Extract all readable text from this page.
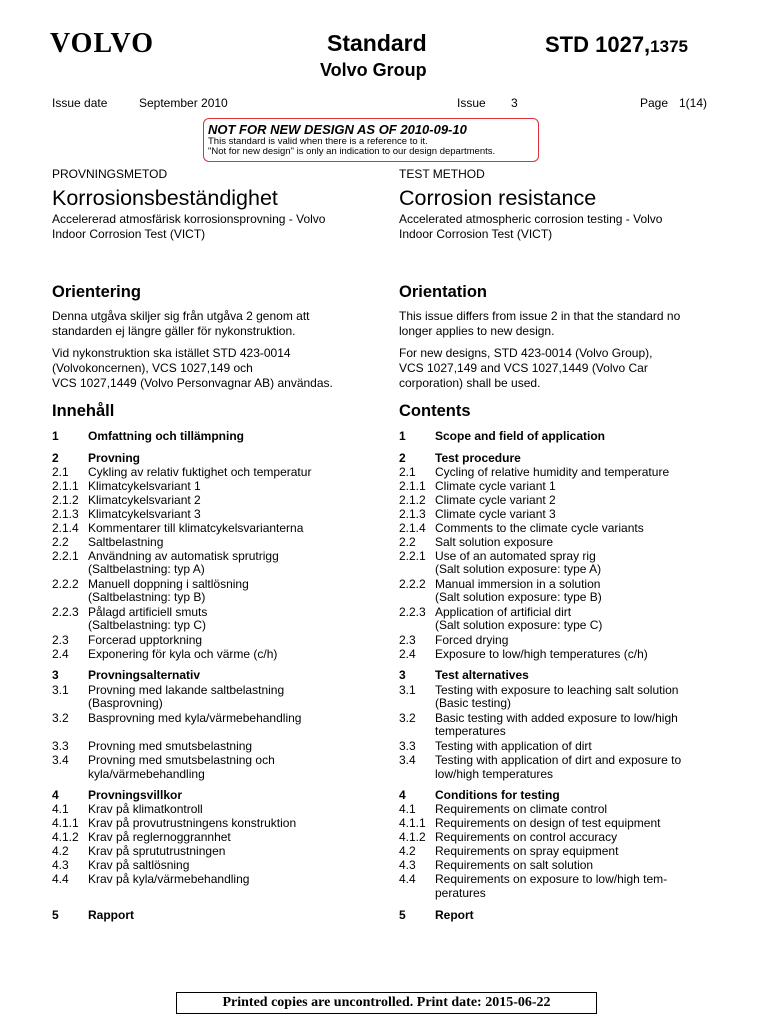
VOLVO	Standard
Volvo Group
STD 1027,1375
Issue date	September 2010	Issue 3	Page 1(14)
NOT FOR NEW DESIGN AS OF 2010-09-10
This standard is valid when there is a reference to it.
"Not for new design" is only an indication to our design departments.
PROVNINGSMETOD
Korrosionsbeständighet
Accelererad atmosfärisk korrosionsprovning - Volvo
Indoor Corrosion Test (VICT)
Orientering
Denna utgåva skiljer sig från utgåva 2 genom att
standarden ej längre gäller för nykonstruktion.
Vid nykonstruktion ska istället STD 423-0014
(Volvokoncernen), VCS 1027,149 och
VCS 1027,1449 (Volvo Personvagnar AB) användas.
Innehåll
1 Omfattning och tillämpning
2 Provning
2.1 Cykling av relativ fuktighet och temperatur
2.1.1 Klimatcykelsvariant 1
2.1.2 Klimatcykelsvariant 2
2.1.3 Klimatcykelsvariant 3
2.1.4 Kommentarer till klimatcykelsvarianterna
2.2 Saltbelastning
2.2.1 Användning av automatisk sprutrigg
(Saltbelastning: typ A)
2.2.2 Manuell doppning i saltlösning
(Saltbelastning: typ B)
2.2.3 Pålagd artificiell smuts
(Saltbelastning: typ C)
2.3 Forcerad upptorkning
2.4 Exponering för kyla och värme (c/h)
3 Provningsalternativ
3.1 Provning med lakande saltbelastning
(Basprovning)
3.2 Basprovning med kyla/värmebehandling
3.3 Provning med smutsbelastning
3.4 Provning med smutsbelastning och
kyla/värmebehandling
4 Provningsvillkor
4.1 Krav på klimatkontroll
4.1.1 Krav på provutrustningens konstruktion
4.1.2 Krav på reglernoggrannhet
4.2 Krav på sprututrustningen
4.3 Krav på saltlösning
4.4 Krav på kyla/värmebehandling
5 Rapport
TEST METHOD
Corrosion resistance
Accelerated atmospheric corrosion testing - Volvo
Indoor Corrosion Test (VICT)
Orientation
This issue differs from issue 2 in that the standard no
longer applies to new design.
For new designs, STD 423-0014 (Volvo Group),
VCS 1027,149 and VCS 1027,1449 (Volvo Car
corporation) shall be used.
Contents
1 Scope and field of application
2 Test procedure
2.1 Cycling of relative humidity and temperature
2.1.1 Climate cycle variant 1
2.1.2 Climate cycle variant 2
2.1.3 Climate cycle variant 3
2.1.4 Comments to the climate cycle variants
2.2 Salt solution exposure
2.2.1 Use of an automated spray rig
(Salt solution exposure: type A)
2.2.2 Manual immersion in a solution
(Salt solution exposure: type B)
2.2.3 Application of artificial dirt
(Salt solution exposure: type C)
2.3 Forced drying
2.4 Exposure to low/high temperatures (c/h)
3 Test alternatives
3.1 Testing with exposure to leaching salt solution
(Basic testing)
3.2 Basic testing with added exposure to low/high
temperatures
3.3 Testing with application of dirt
3.4 Testing with application of dirt and exposure to
low/high temperatures
4 Conditions for testing
4.1 Requirements on climate control
4.1.1 Requirements on design of test equipment
4.1.2 Requirements on control accuracy
4.2 Requirements on spray equipment
4.3 Requirements on salt solution
4.4 Requirements on exposure to low/high tem-
peratures
5 Report
Printed copies are uncontrolled. Print date: 2015-06-22
